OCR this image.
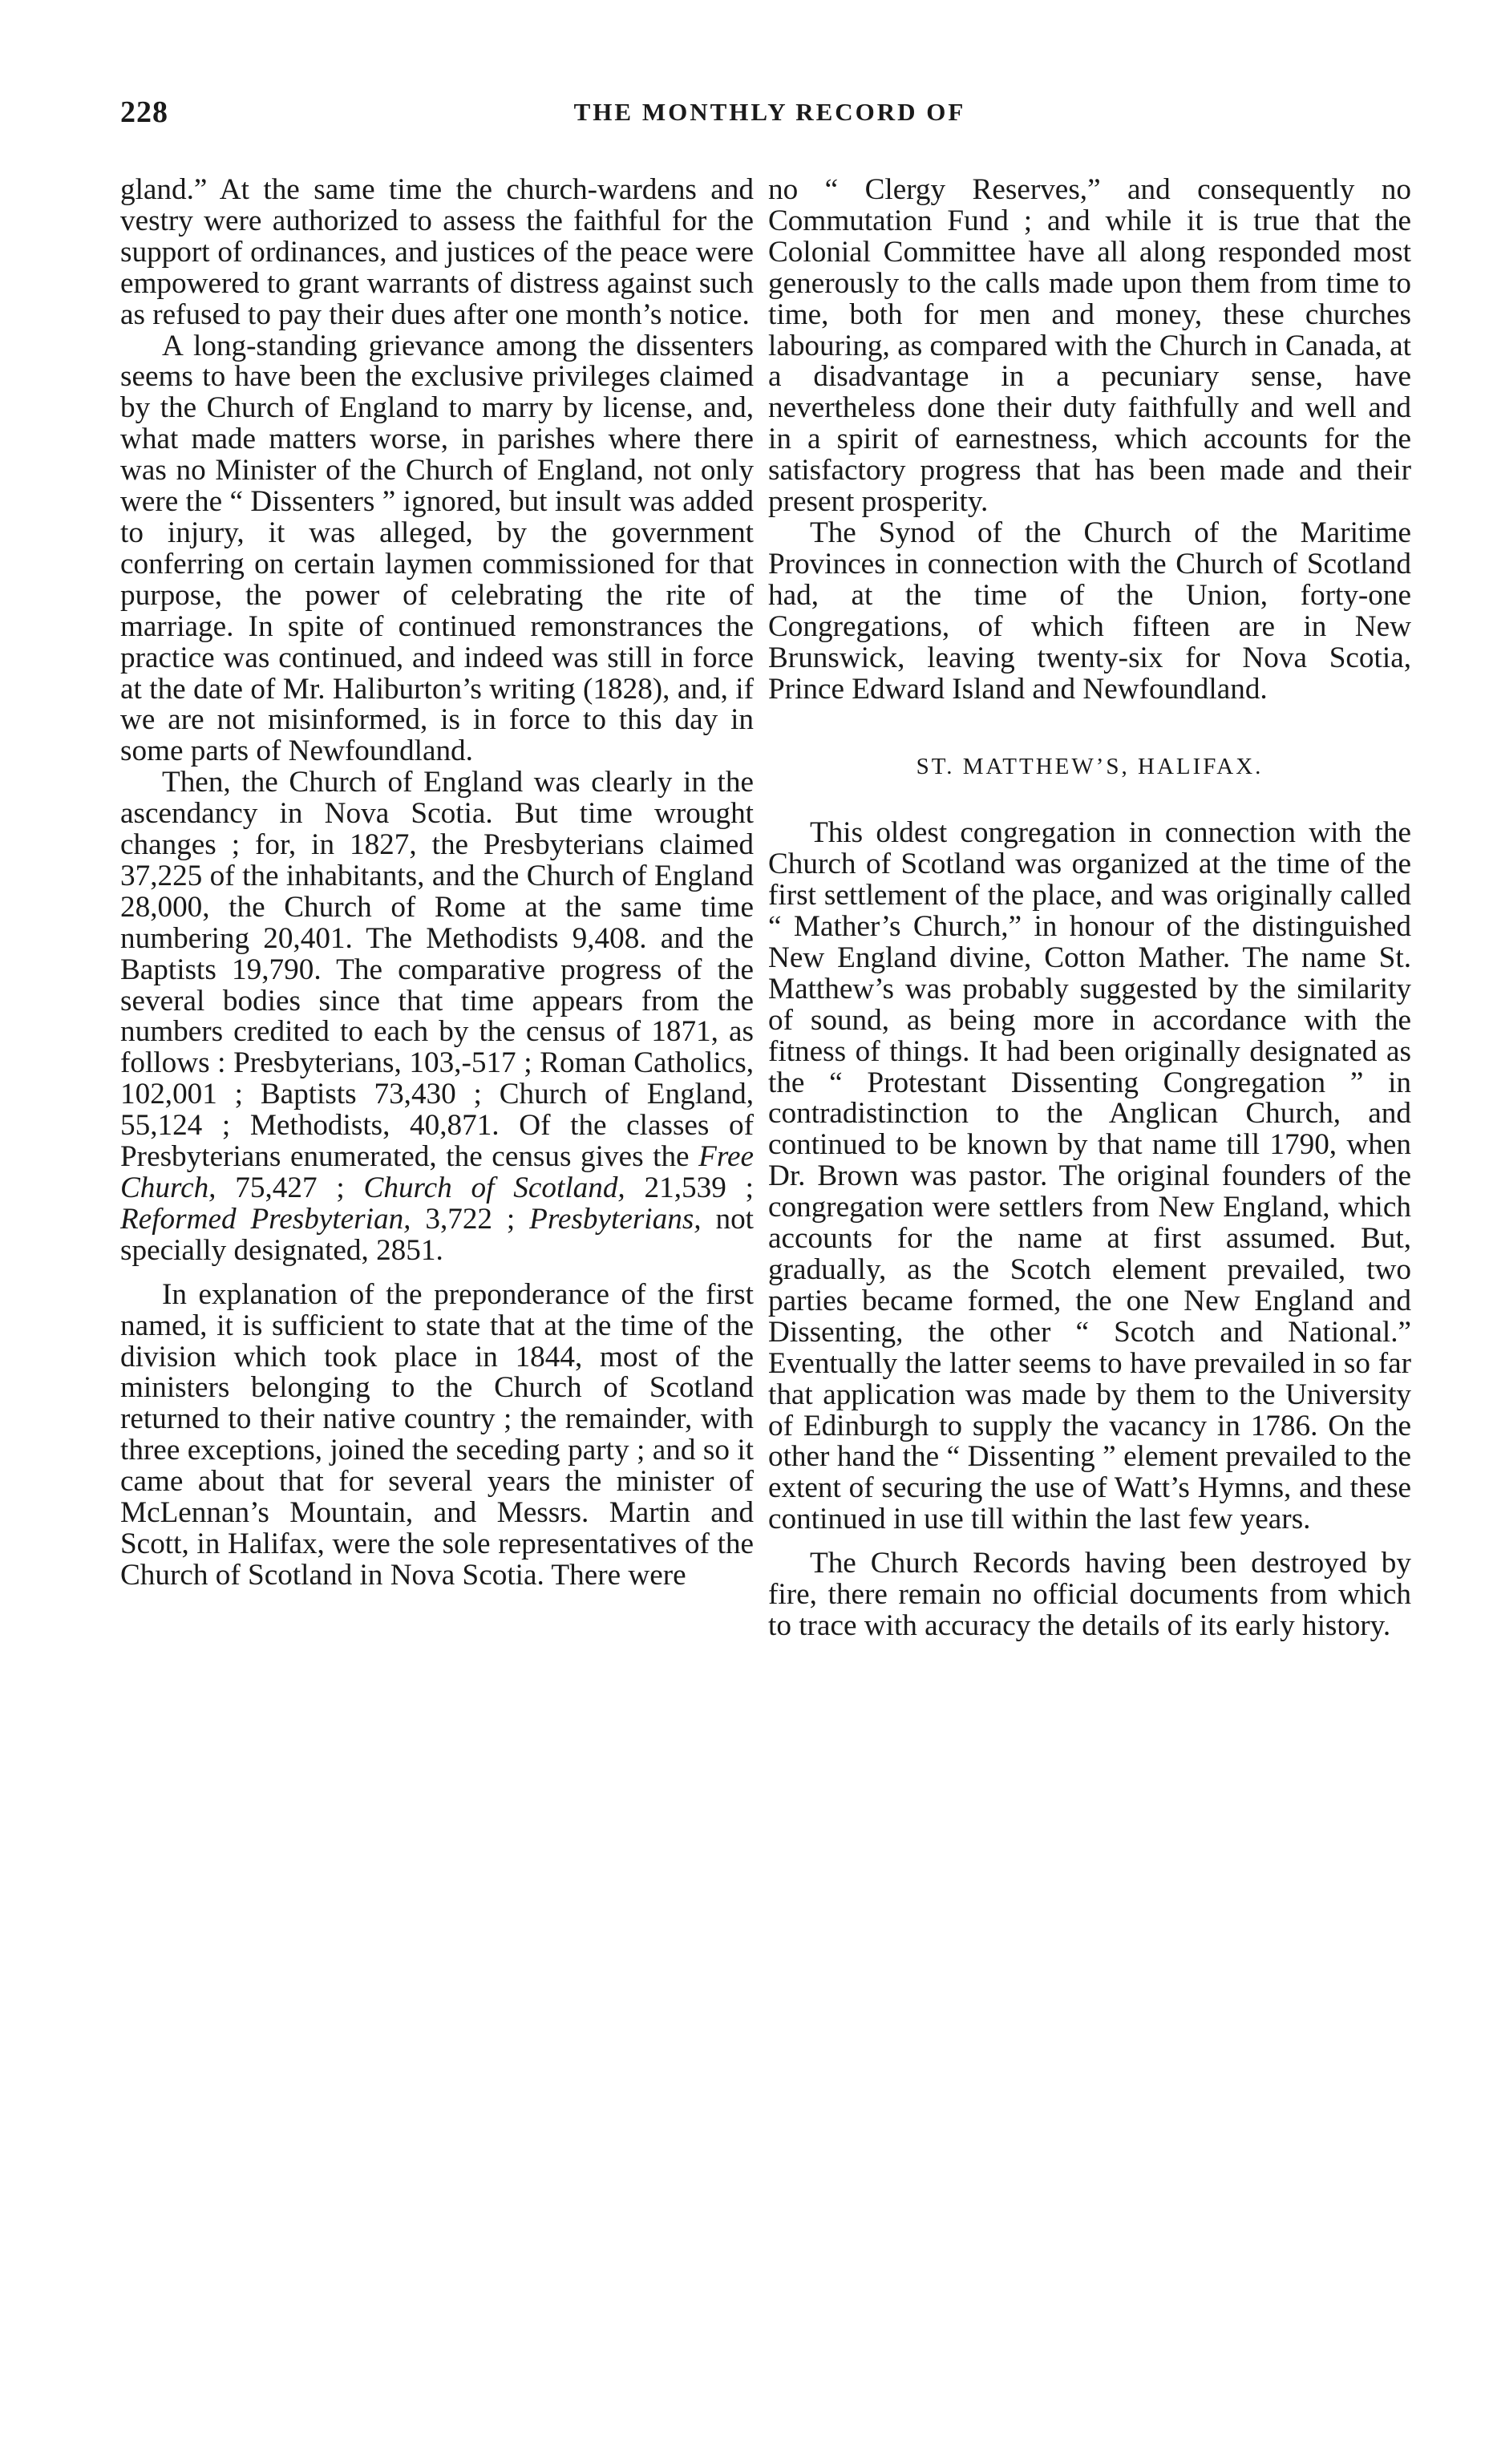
228	THE MONTHLY RECORD OF

gland.” At the same time the church-wardens and vestry were authorized to assess the faithful for the support of ordinances, and justices of the peace were empowered to grant warrants of distress against such as refused to pay their dues after one month’s notice.

A long-standing grievance among the dissenters seems to have been the exclusive privileges claimed by the Church of England to marry by license, and, what made matters worse, in parishes where there was no Minister of the Church of England, not only were the “ Dissenters ” ignored, but insult was added to injury, it was alleged, by the government conferring on certain laymen commissioned for that purpose, the power of celebrating the rite of marriage. In spite of continued remonstrances the practice was continued, and indeed was still in force at the date of Mr. Haliburton’s writing (1828), and, if we are not misinformed, is in force to this day in some parts of Newfoundland.

Then, the Church of England was clearly in the ascendancy in Nova Scotia. But time wrought changes ; for, in 1827, the Presbyterians claimed 37,225 of the inhabitants, and the Church of England 28,000, the Church of Rome at the same time numbering 20,401. The Methodists 9,408. and the Baptists 19,790. The comparative progress of the several bodies since that time appears from the numbers credited to each by the census of 1871, as follows : Presbyterians, 103,-517 ; Roman Catholics, 102,001 ; Baptists 73,430 ; Church of England, 55,124 ; Methodists, 40,871. Of the classes of Presbyterians enumerated, the census gives the Free Church, 75,427 ; Church of Scotland, 21,539 ; Reformed Presbyterian, 3,722 ; Presbyterians, not specially designated, 2851.

In explanation of the preponderance of the first named, it is sufficient to state that at the time of the division which took place in 1844, most of the ministers belonging to the Church of Scotland returned to their native country ; the remainder, with three exceptions, joined the seceding party ; and so it came about that for several years the minister of McLennan’s Mountain, and Messrs. Martin and Scott, in Halifax, were the sole representatives of the Church of Scotland in Nova Scotia. There were

no “ Clergy Reserves,” and consequently no Commutation Fund ; and while it is true that the Colonial Committee have all along responded most generously to the calls made upon them from time to time, both for men and money, these churches labouring, as compared with the Church in Canada, at a disadvantage in a pecuniary sense, have nevertheless done their duty faithfully and well and in a spirit of earnestness, which accounts for the satisfactory progress that has been made and their present prosperity.

The Synod of the Church of the Maritime Provinces in connection with the Church of Scotland had, at the time of the Union, forty-one Congregations, of which fifteen are in New Brunswick, leaving twenty-six for Nova Scotia, Prince Edward Island and Newfoundland.

ST. MATTHEW’S, HALIFAX.

This oldest congregation in connection with the Church of Scotland was organized at the time of the first settlement of the place, and was originally called “ Mather’s Church,” in honour of the distinguished New England divine, Cotton Mather. The name St. Matthew’s was probably suggested by the similarity of sound, as being more in accordance with the fitness of things. It had been originally designated as the “ Protestant Dissenting Congregation ” in contradistinction to the Anglican Church, and continued to be known by that name till 1790, when Dr. Brown was pastor. The original founders of the congregation were settlers from New England, which accounts for the name at first assumed. But, gradually, as the Scotch element prevailed, two parties became formed, the one New England and Dissenting, the other “ Scotch and National.” Eventually the latter seems to have prevailed in so far that application was made by them to the University of Edinburgh to supply the vacancy in 1786. On the other hand the “ Dissenting ” element prevailed to the extent of securing the use of Watt’s Hymns, and these continued in use till within the last few years.

The Church Records having been destroyed by fire, there remain no official documents from which to trace with accuracy the details of its early history.
